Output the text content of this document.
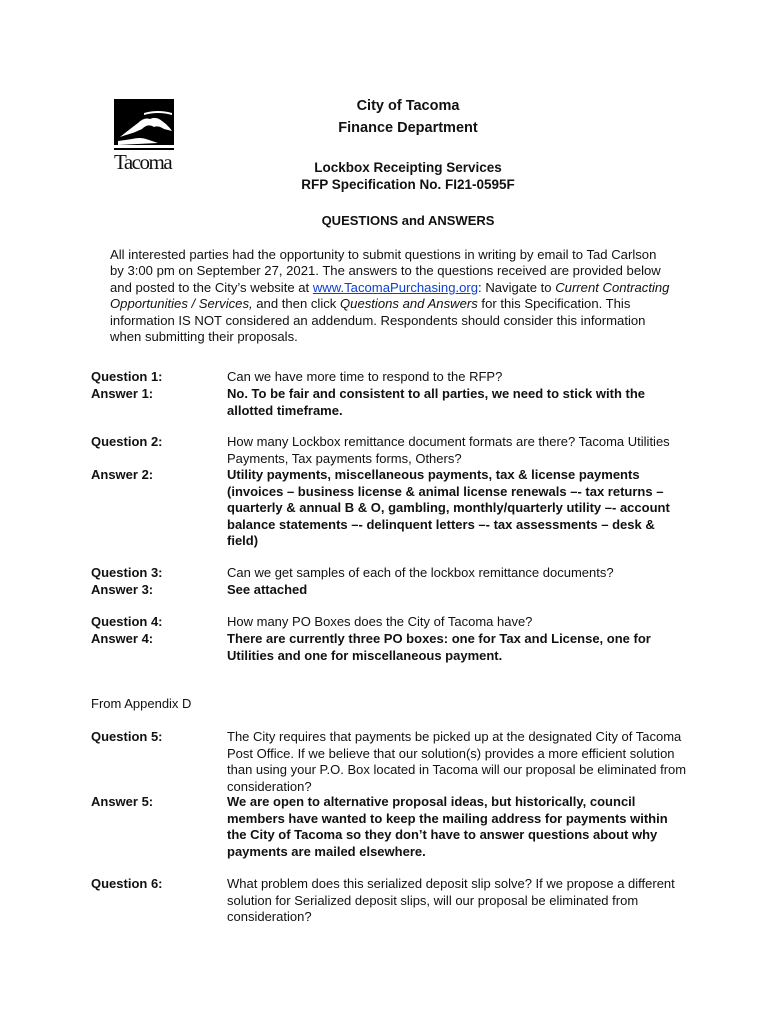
Tacoma
City of Tacoma
Finance Department
Lockbox Receipting Services
RFP Specification No. FI21-0595F
QUESTIONS and ANSWERS
All interested parties had the opportunity to submit questions in writing by email to Tad Carlson by 3:00 pm on September 27, 2021. The answers to the questions received are provided below and posted to the City’s website at www.TacomaPurchasing.org: Navigate to Current Contracting Opportunities / Services, and then click Questions and Answers for this Specification. This information IS NOT considered an addendum. Respondents should consider this information when submitting their proposals.
Question 1:	Can we have more time to respond to the RFP?
Answer 1:	No. To be fair and consistent to all parties, we need to stick with the allotted timeframe.
Question 2:	How many Lockbox remittance document formats are there? Tacoma Utilities Payments, Tax payments forms, Others?
Answer 2:	Utility payments, miscellaneous payments, tax & license payments (invoices – business license & animal license renewals –- tax returns – quarterly & annual B & O, gambling, monthly/quarterly utility –- account balance statements –- delinquent letters –- tax assessments – desk & field)
Question 3:	Can we get samples of each of the lockbox remittance documents?
Answer 3:	See attached
Question 4:	How many PO Boxes does the City of Tacoma have?
Answer 4:	There are currently three PO boxes: one for Tax and License, one for Utilities and one for miscellaneous payment.
From Appendix D
Question 5:	The City requires that payments be picked up at the designated City of Tacoma Post Office. If we believe that our solution(s) provides a more efficient solution than using your P.O. Box located in Tacoma will our proposal be eliminated from consideration?
Answer 5:	We are open to alternative proposal ideas, but historically, council members have wanted to keep the mailing address for payments within the City of Tacoma so they don’t have to answer questions about why payments are mailed elsewhere.
Question 6:	What problem does this serialized deposit slip solve? If we propose a different solution for Serialized deposit slips, will our proposal be eliminated from consideration?
